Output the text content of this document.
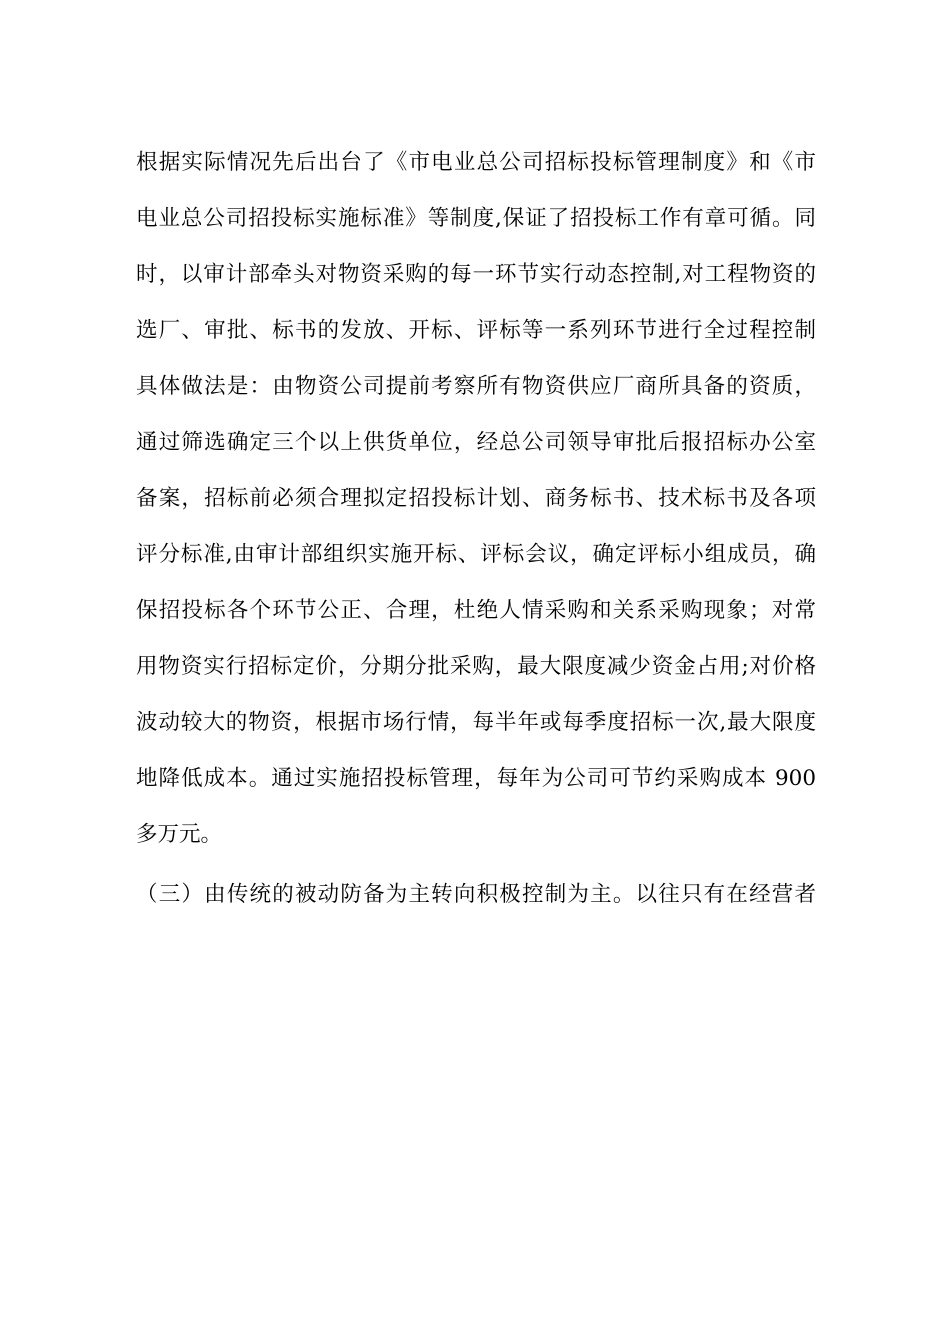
根据实际情况先后出台了《市电业总公司招标投标管理制度》和《市
电业总公司招投标实施标准》等制度,保证了招投标工作有章可循。同
时，以审计部牵头对物资采购的每一环节实行动态控制,对工程物资的
选厂、审批、标书的发放、开标、评标等一系列环节进行全过程控制
具体做法是：由物资公司提前考察所有物资供应厂商所具备的资质，
通过筛选确定三个以上供货单位，经总公司领导审批后报招标办公室
备案，招标前必须合理拟定招投标计划、商务标书、技术标书及各项
评分标准,由审计部组织实施开标、评标会议，确定评标小组成员，确
保招投标各个环节公正、合理，杜绝人情采购和关系采购现象；对常
用物资实行招标定价，分期分批采购，最大限度减少资金占用;对价格
波动较大的物资，根据市场行情，每半年或每季度招标一次,最大限度
地降低成本。通过实施招投标管理，每年为公司可节约采购成本 900
多万元。
（三）由传统的被动防备为主转向积极控制为主。以往只有在经营者
